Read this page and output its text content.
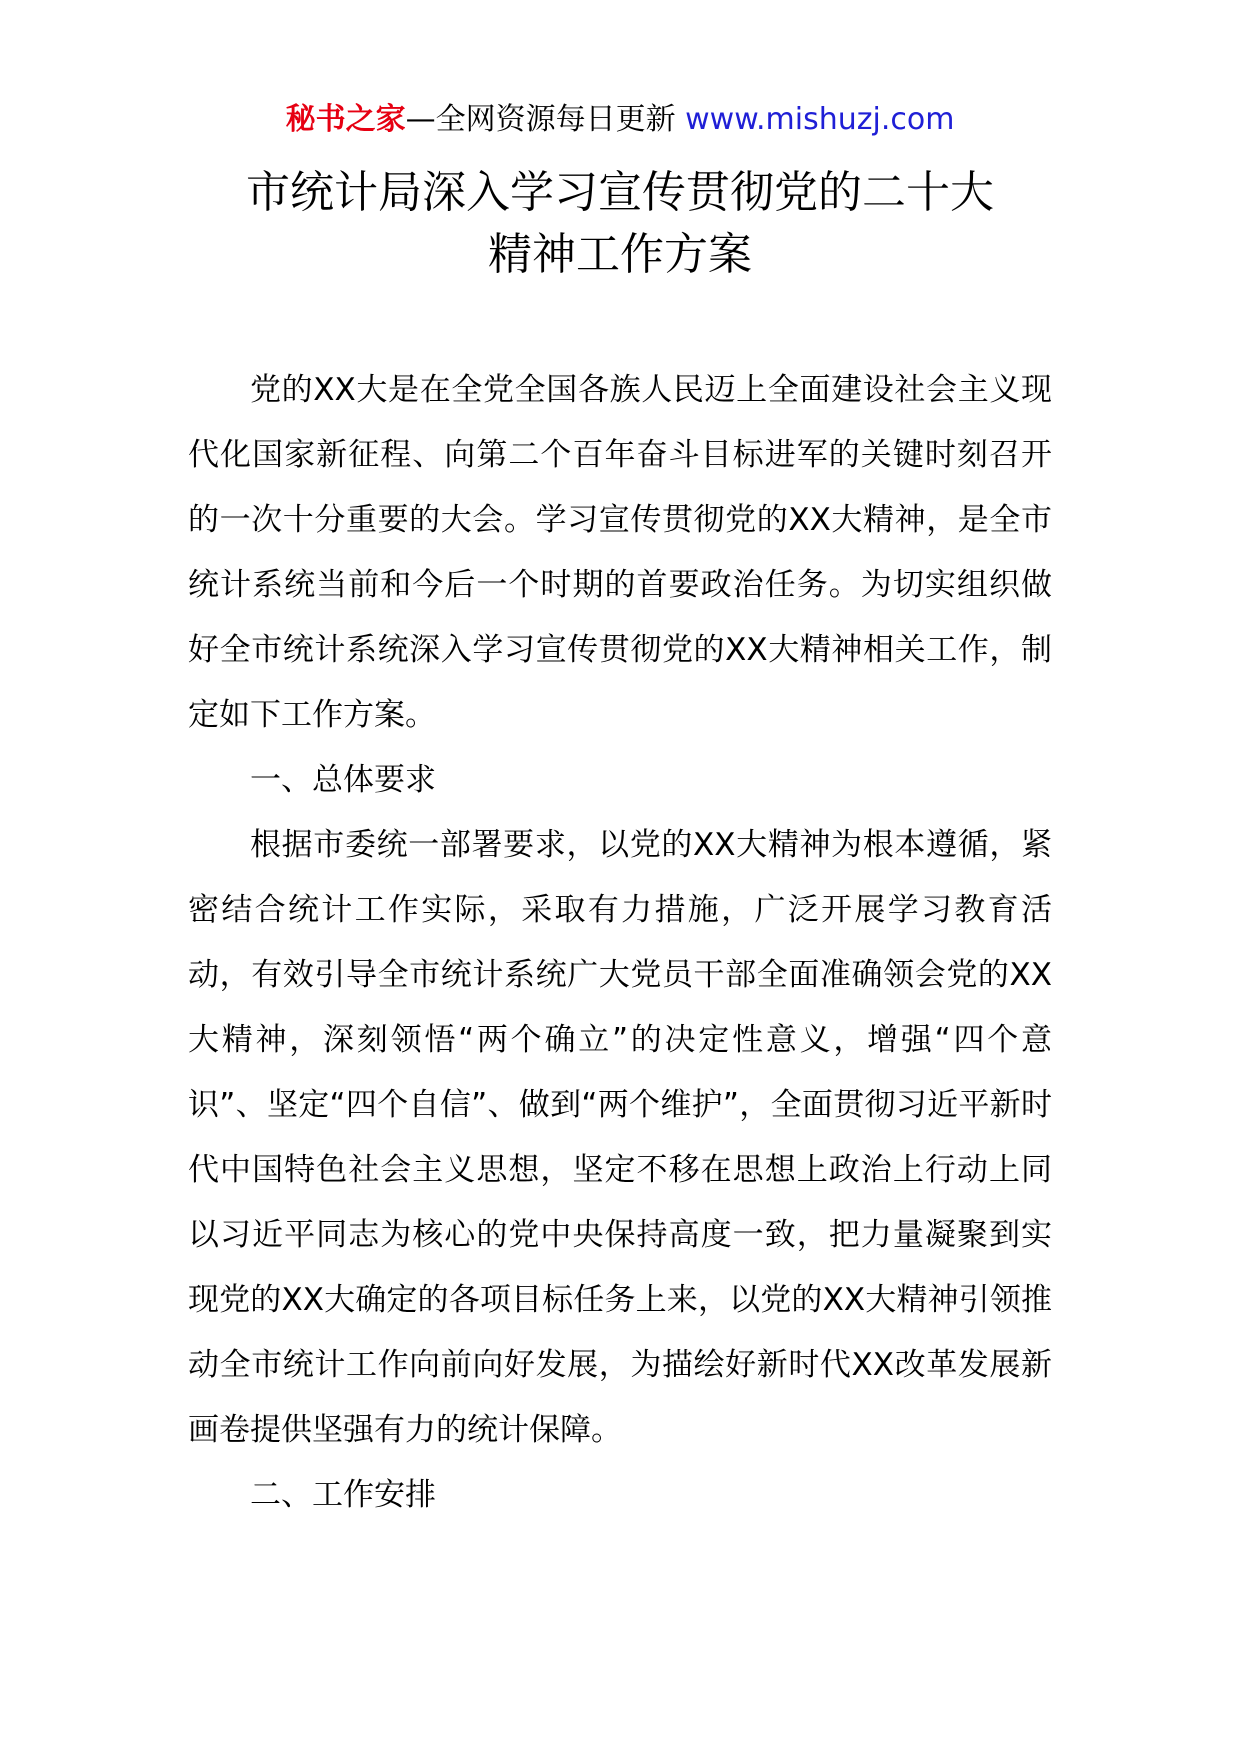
秘书之家—全网资源每日更新 www.mishuzj.com
市统计局深入学习宣传贯彻党的二十大
精神工作方案

党的XX大是在全党全国各族人民迈上全面建设社会主义现代化国家新征程、向第二个百年奋斗目标进军的关键时刻召开的一次十分重要的大会。学习宣传贯彻党的XX大精神，是全市统计系统当前和今后一个时期的首要政治任务。为切实组织做好全市统计系统深入学习宣传贯彻党的XX大精神相关工作，制定如下工作方案。

一、总体要求

根据市委统一部署要求，以党的XX大精神为根本遵循，紧密结合统计工作实际，采取有力措施，广泛开展学习教育活动，有效引导全市统计系统广大党员干部全面准确领会党的XX大精神，深刻领悟“两个确立”的决定性意义，增强“四个意识”、坚定“四个自信”、做到“两个维护”，全面贯彻习近平新时代中国特色社会主义思想，坚定不移在思想上政治上行动上同以习近平同志为核心的党中央保持高度一致，把力量凝聚到实现党的XX大确定的各项目标任务上来，以党的XX大精神引领推动全市统计工作向前向好发展，为描绘好新时代XX改革发展新画卷提供坚强有力的统计保障。

二、工作安排
